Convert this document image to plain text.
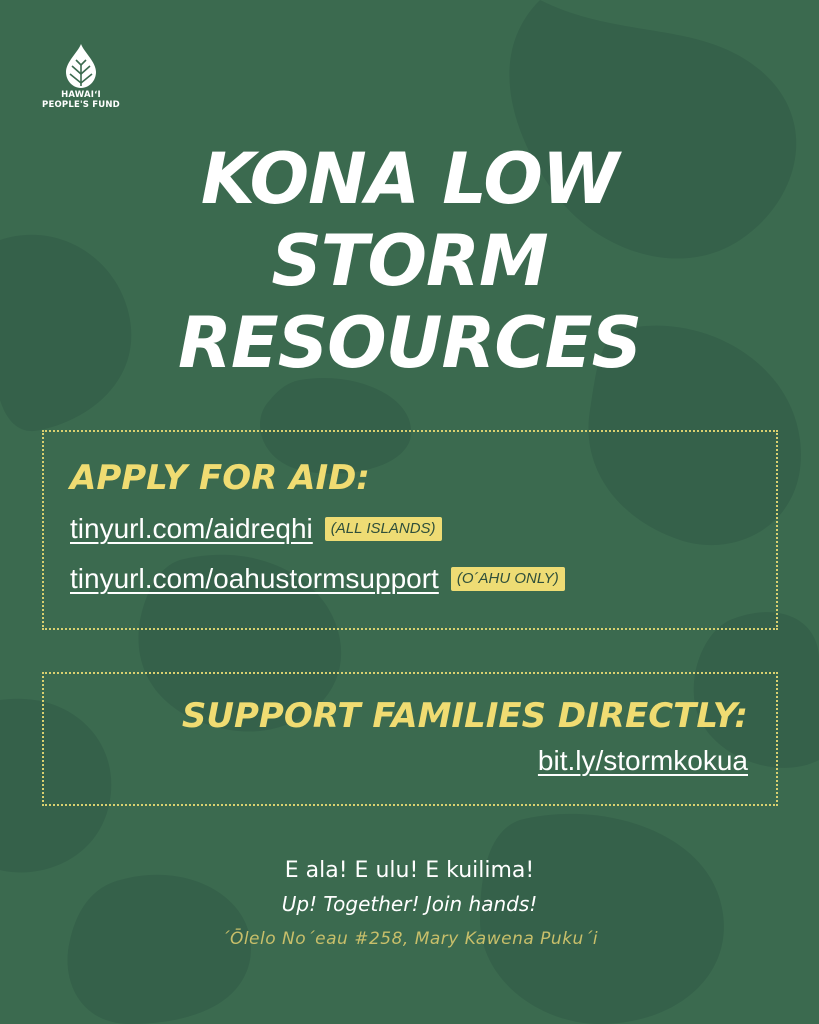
HAWAIʻI
PEOPLE'S FUND
KONA LOW
STORM
RESOURCES
APPLY FOR AID:
tinyurl.com/aidreqhi	(ALL ISLANDS)
tinyurl.com/oahustormsupport	(O´AHU ONLY)
SUPPORT FAMILIES DIRECTLY:
bit.ly/stormkokua

E ala! E ulu! E kuilima!

Up! Together! Join hands!

´Ōlelo No´eau #258, Mary Kawena Puku´i
